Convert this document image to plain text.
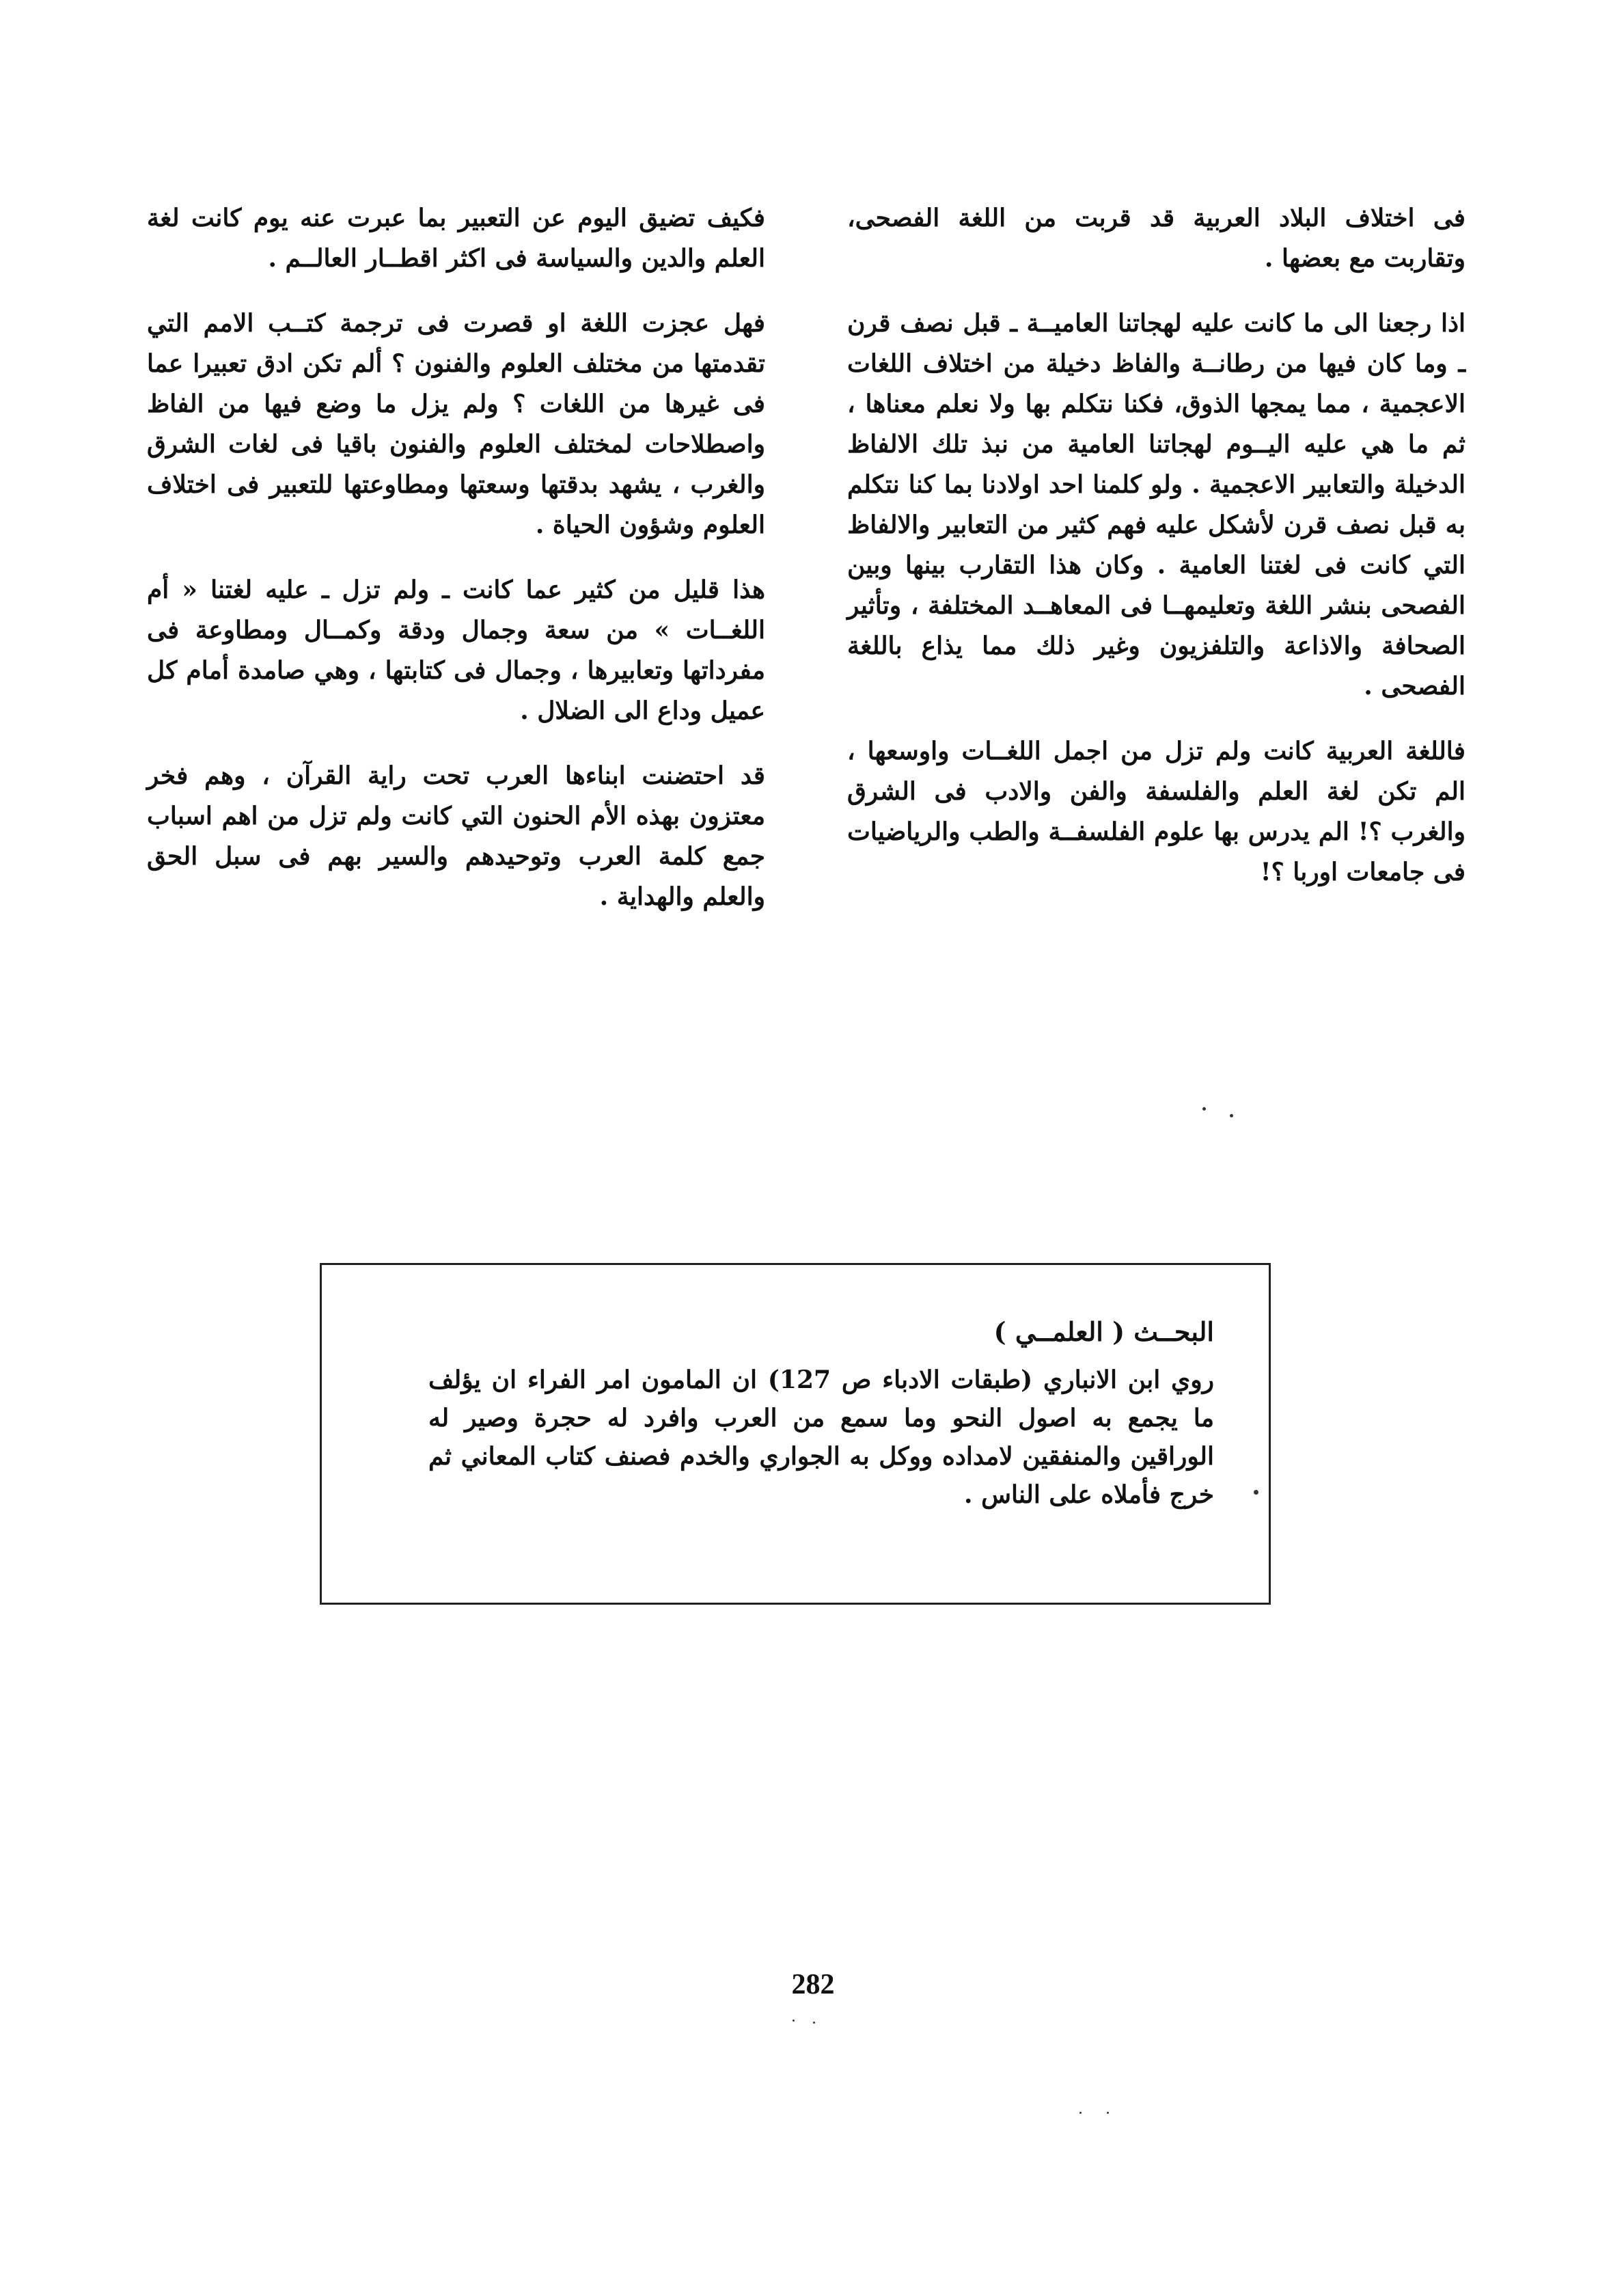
فى اختلاف البلاد العربية قد قربت من اللغة الفصحى، وتقاربت مع بعضها .

اذا رجعنا الى ما كانت عليه لهجاتنا العاميــة ـ قبل نصف قرن ـ وما كان فيها من رطانــة والفاظ دخيلة من اختلاف اللغات الاعجمية ، مما يمجها الذوق، فكنا نتكلم بها ولا نعلم معناها ، ثم ما هي عليه اليــوم لهجاتنا العامية من نبذ تلك الالفاظ الدخيلة والتعابير الاعجمية . ولو كلمنا احد اولادنا بما كنا نتكلم به قبل نصف قرن لأشكل عليه فهم كثير من التعابير والالفاظ التي كانت فى لغتنا العامية . وكان هذا التقارب بينها وبين الفصحى بنشر اللغة وتعليمهــا فى المعاهــد المختلفة ، وتأثير الصحافة والاذاعة والتلفزيون وغير ذلك مما يذاع باللغة الفصحى .

فاللغة العربية كانت ولم تزل من اجمل اللغــات واوسعها ، الم تكن لغة العلم والفلسفة والفن والادب فى الشرق والغرب ؟! الم يدرس بها علوم الفلسفــة والطب والرياضيات فى جامعات اوربا ؟!

فكيف تضيق اليوم عن التعبير بما عبرت عنه يوم كانت لغة العلم والدين والسياسة فى اكثر اقطــار العالــم .

فهل عجزت اللغة او قصرت فى ترجمة كتــب الامم التي تقدمتها من مختلف العلوم والفنون ؟ ألم تكن ادق تعبيرا عما فى غيرها من اللغات ؟ ولم يزل ما وضع فيها من الفاظ واصطلاحات لمختلف العلوم والفنون باقيا فى لغات الشرق والغرب ، يشهد بدقتها وسعتها ومطاوعتها للتعبير فى اختلاف العلوم وشؤون الحياة .

هذا قليل من كثير عما كانت ـ ولم تزل ـ عليه لغتنا « أم اللغــات » من سعة وجمال ودقة وكمــال ومطاوعة فى مفرداتها وتعابيرها ، وجمال فى كتابتها ، وهي صامدة أمام كل عميل وداع الى الضلال .

قد احتضنت ابناءها العرب تحت راية القرآن ، وهم فخر معتزون بهذه الأم الحنون التي كانت ولم تزل من اهم اسباب جمع كلمة العرب وتوحيدهم والسير بهم فى سبل الحق والعلم والهداية .

البحــث ( العلمــي )
روي ابن الانباري (طبقات الادباء ص 127) ان المامون امر الفراء ان يؤلف ما يجمع به اصول النحو وما سمع من العرب وافرد له حجرة وصير له الوراقين والمنفقين لامداده ووكل به الجواري والخدم فصنف كتاب المعاني ثم خرج فأملاه على الناس .
282
